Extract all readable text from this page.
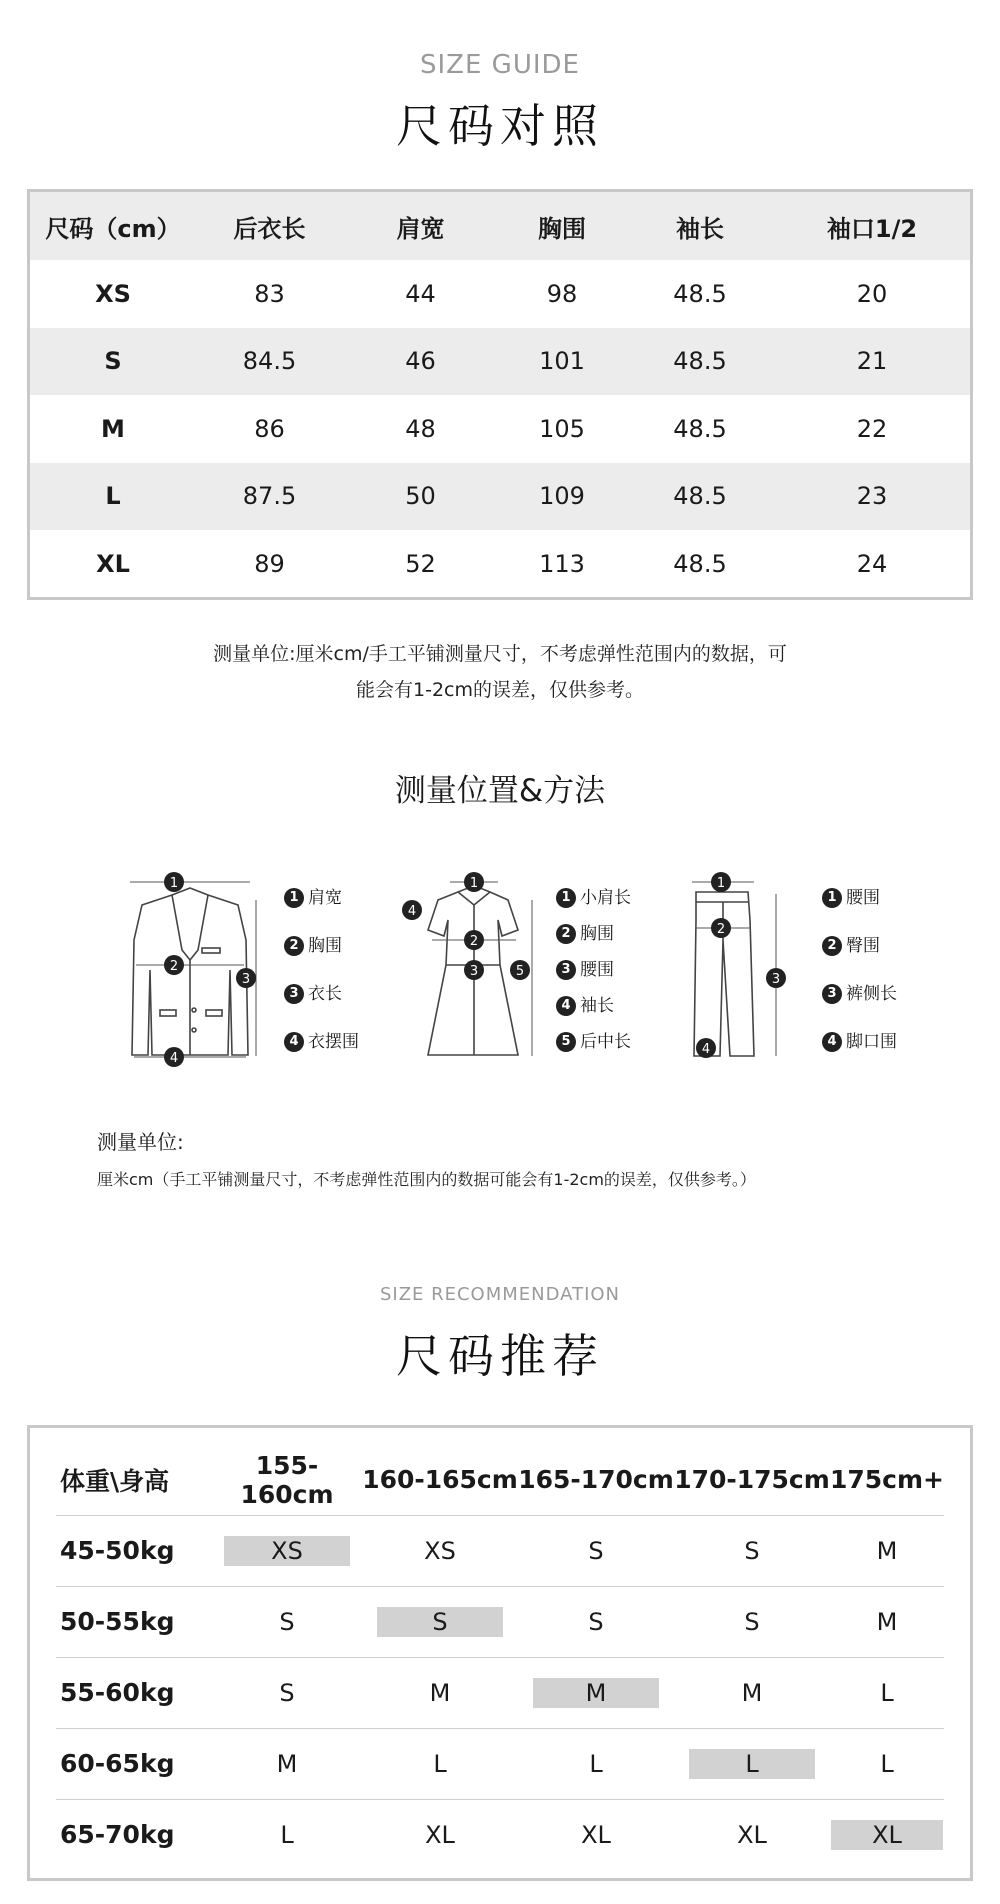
SIZE GUIDE
尺码对照
尺码（cm）	后衣长	肩宽	胸围	袖长	袖口1/2
XS	83	44	98	48.5	20
S	84.5	46	101	48.5	21
M	86	48	105	48.5	22
L	87.5	50	109	48.5	23
XL	89	52	113	48.5	24
测量单位:厘米cm/手工平铺测量尺寸，不考虑弹性范围内的数据，可
能会有1-2cm的误差，仅供参考。
测量位置&方法
1
2
3
4
1 肩宽
2 胸围
3 衣长
4 衣摆围
1
2
3
4
5
1 小肩长
2 胸围
3 腰围
4 袖长
5 后中长
1
2
3
4
1 腰围
2 臀围
3 裤侧长
4 脚口围
测量单位:
厘米cm（手工平铺测量尺寸，不考虑弹性范围内的数据可能会有1-2cm的误差，仅供参考。）
SIZE RECOMMENDATION
尺码推荐
体重\身高	155-160cm	160-165cm	165-170cm	170-175cm	175cm+
45-50kg	XS	XS	S	S	M
50-55kg	S	S	S	S	M
55-60kg	S	M	M	M	L
60-65kg	M	L	L	L	L
65-70kg	L	XL	XL	XL	XL
